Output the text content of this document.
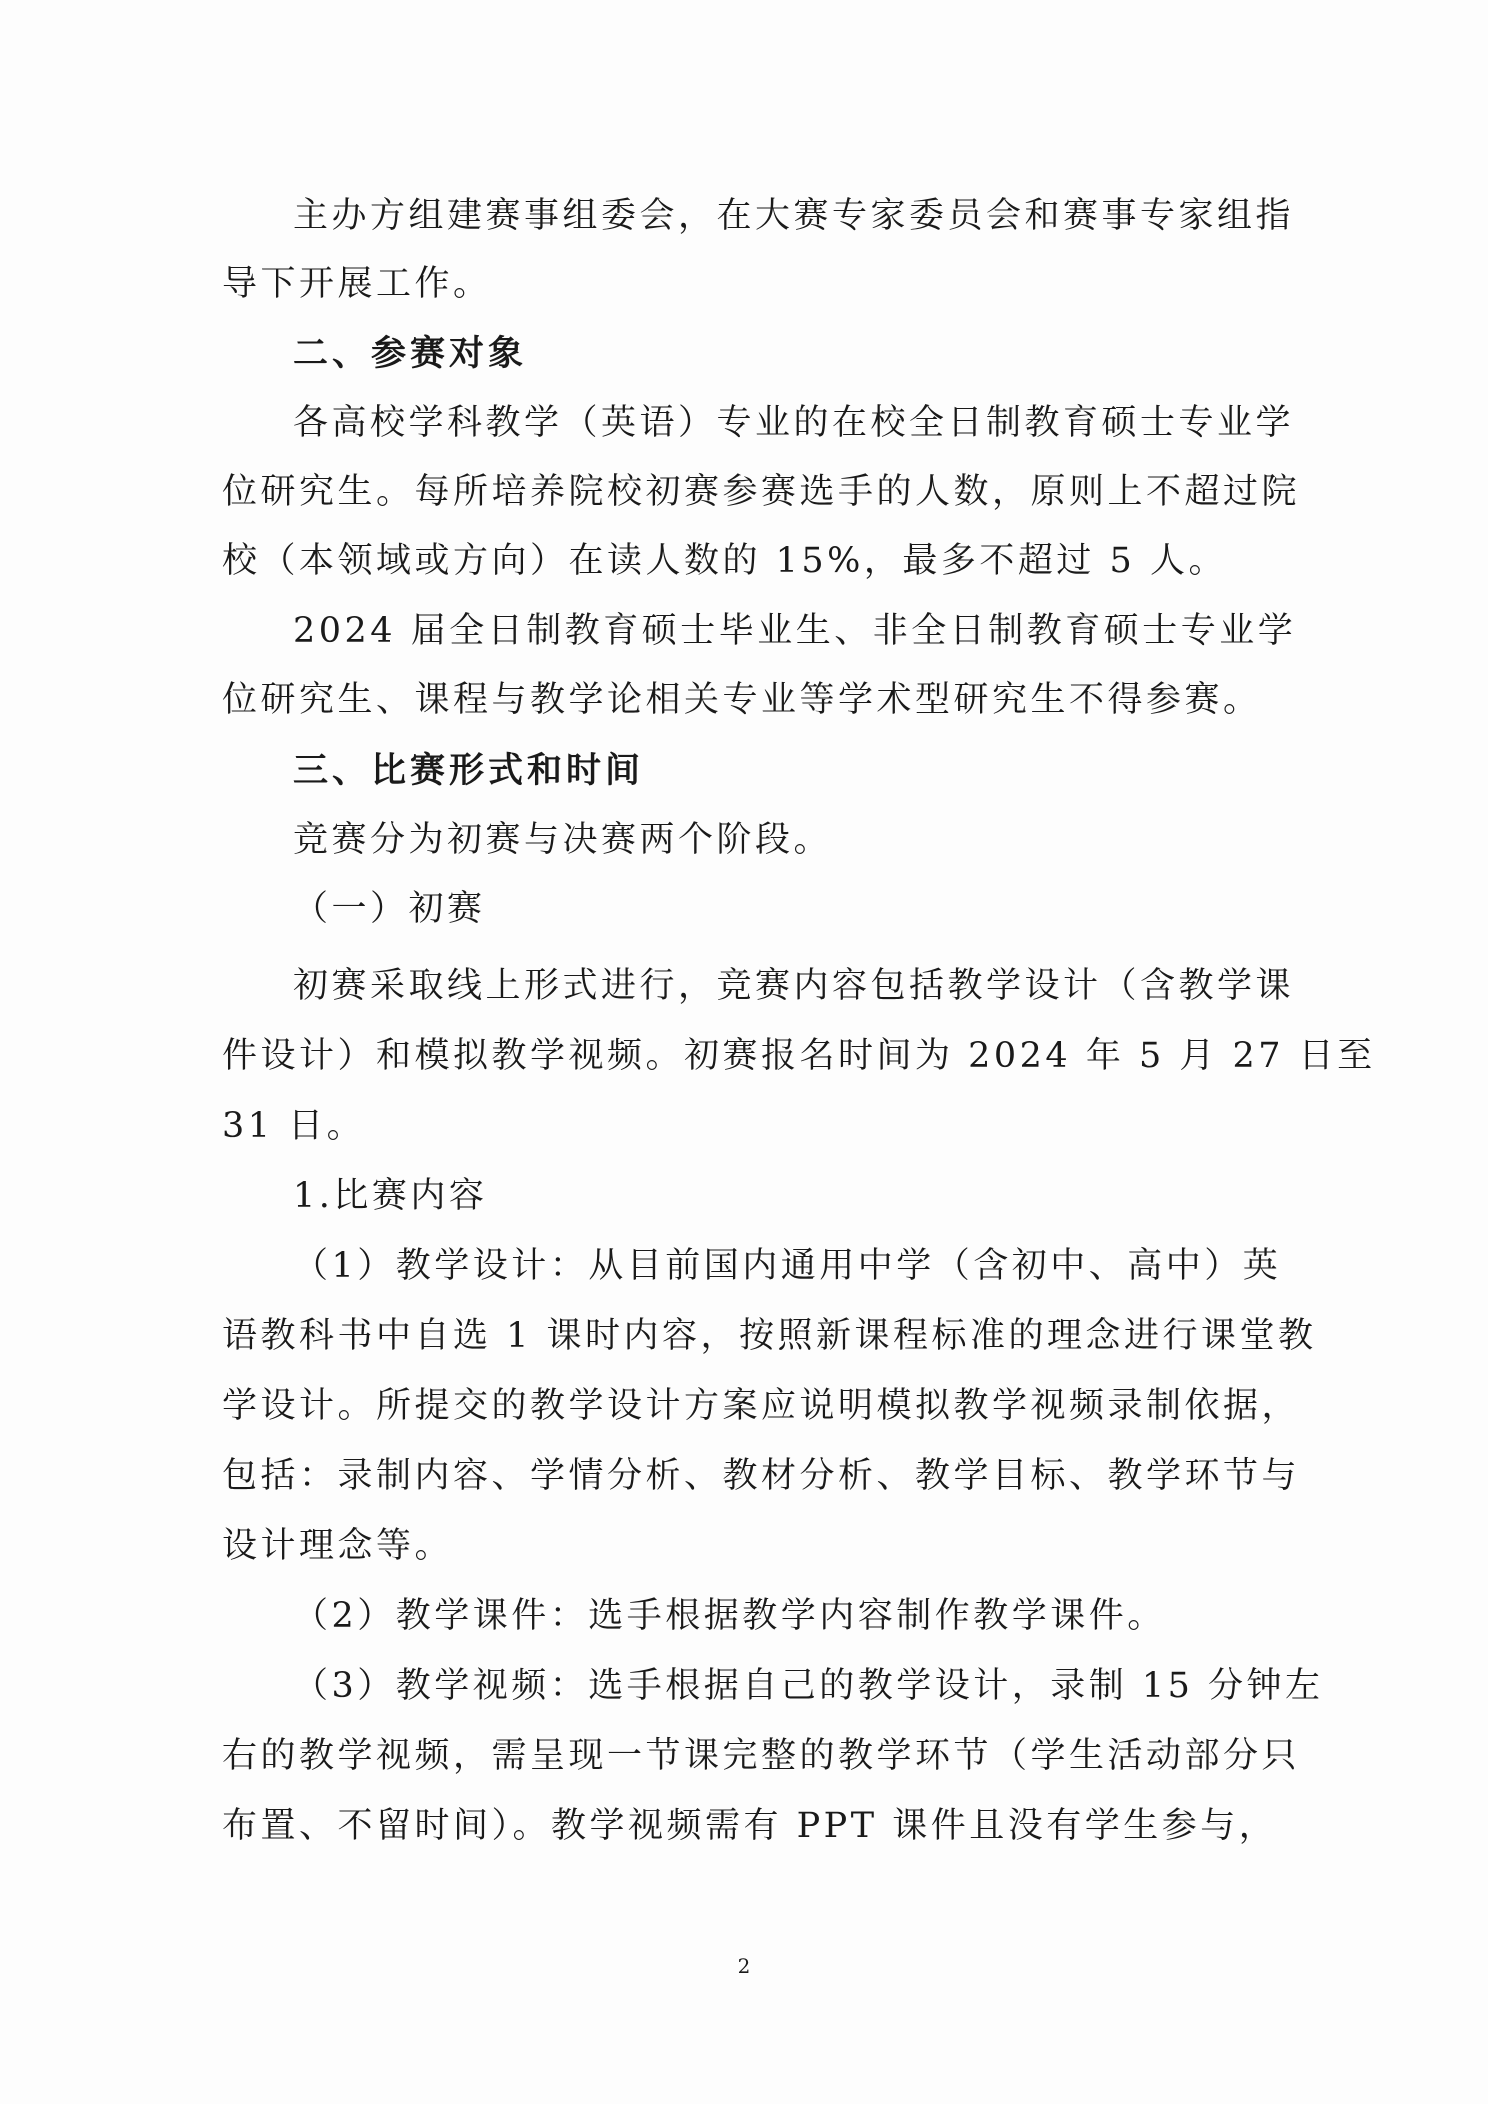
主办方组建赛事组委会，在大赛专家委员会和赛事专家组指
导下开展工作。
二、参赛对象
各高校学科教学（英语）专业的在校全日制教育硕士专业学
位研究生。每所培养院校初赛参赛选手的人数，原则上不超过院
校（本领域或方向）在读人数的 15%，最多不超过 5 人。
2024 届全日制教育硕士毕业生、非全日制教育硕士专业学
位研究生、课程与教学论相关专业等学术型研究生不得参赛。
三、比赛形式和时间
竞赛分为初赛与决赛两个阶段。
（一）初赛
初赛采取线上形式进行，竞赛内容包括教学设计（含教学课
件设计）和模拟教学视频。初赛报名时间为 2024 年 5 月 27 日至
31 日。
1.比赛内容
（1）教学设计：从目前国内通用中学（含初中、高中）英
语教科书中自选 1 课时内容，按照新课程标准的理念进行课堂教
学设计。所提交的教学设计方案应说明模拟教学视频录制依据，
包括：录制内容、学情分析、教材分析、教学目标、教学环节与
设计理念等。
（2）教学课件：选手根据教学内容制作教学课件。
（3）教学视频：选手根据自己的教学设计，录制 15 分钟左
右的教学视频，需呈现一节课完整的教学环节（学生活动部分只
布置、不留时间）。教学视频需有 PPT 课件且没有学生参与，
2
